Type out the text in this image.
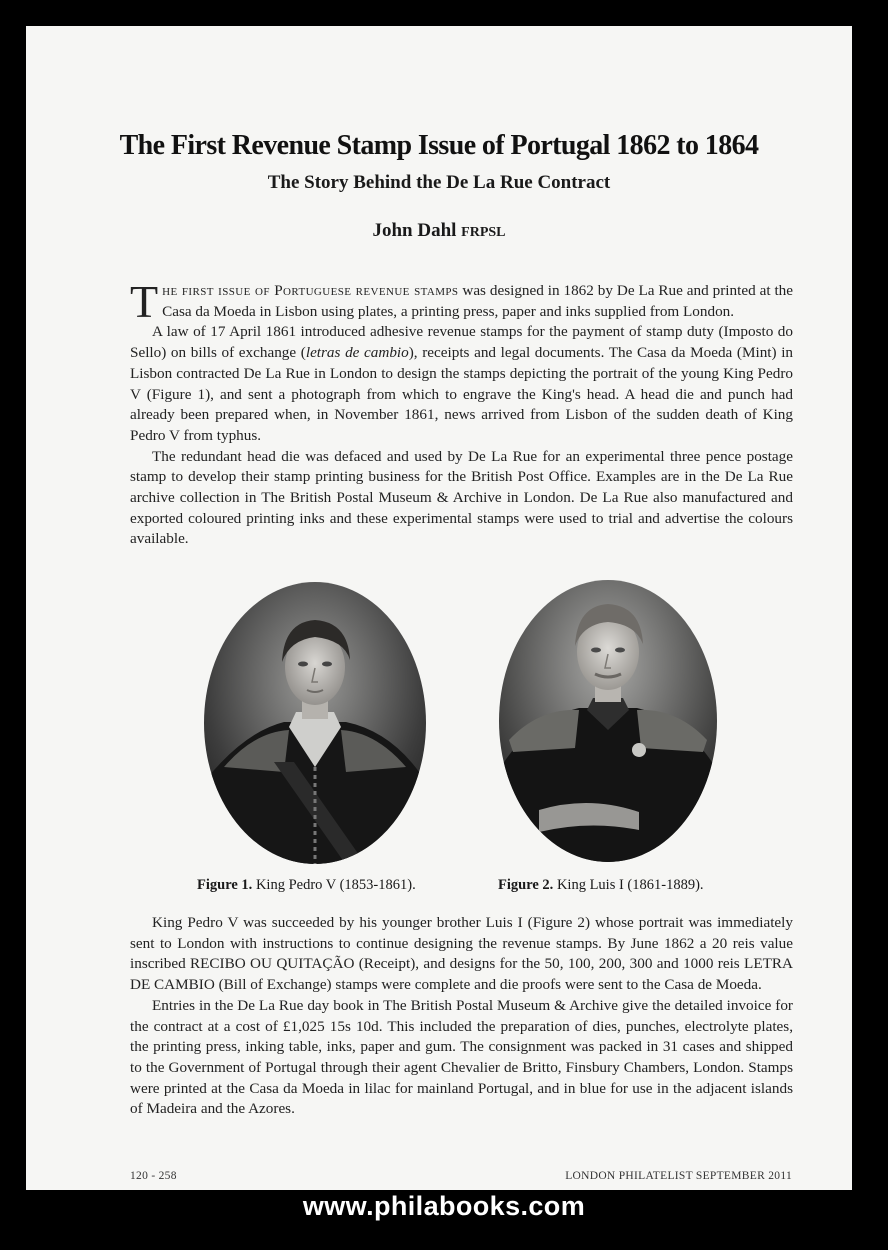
The First Revenue Stamp Issue of Portugal 1862 to 1864
The Story Behind the De La Rue Contract
John Dahl FRPSL

The first issue of Portuguese revenue stamps was designed in 1862 by De La Rue and printed at the Casa da Moeda in Lisbon using plates, a printing press, paper and inks supplied from London.

A law of 17 April 1861 introduced adhesive revenue stamps for the payment of stamp duty (Imposto do Sello) on bills of exchange (letras de cambio), receipts and legal documents. The Casa da Moeda (Mint) in Lisbon contracted De La Rue in London to design the stamps depicting the portrait of the young King Pedro V (Figure 1), and sent a photograph from which to engrave the King's head. A head die and punch had already been prepared when, in November 1861, news arrived from Lisbon of the sudden death of King Pedro V from typhus.

The redundant head die was defaced and used by De La Rue for an experimental three pence postage stamp to develop their stamp printing business for the British Post Office. Examples are in the De La Rue archive collection in The British Postal Museum & Archive in London. De La Rue also manufactured and exported coloured printing inks and these experimental stamps were used to trial and advertise the colours available.

Figure 1. King Pedro V (1853-1861).	Figure 2. King Luis I (1861-1889).

King Pedro V was succeeded by his younger brother Luis I (Figure 2) whose portrait was immediately sent to London with instructions to continue designing the revenue stamps. By June 1862 a 20 reis value inscribed RECIBO OU QUITAÇÃO (Receipt), and designs for the 50, 100, 200, 300 and 1000 reis LETRA DE CAMBIO (Bill of Exchange) stamps were complete and die proofs were sent to the Casa de Moeda.

Entries in the De La Rue day book in The British Postal Museum & Archive give the detailed invoice for the contract at a cost of £1,025 15s 10d. This included the preparation of dies, punches, electrolyte plates, the printing press, inking table, inks, paper and gum. The consignment was packed in 31 cases and shipped to the Government of Portugal through their agent Chevalier de Britto, Finsbury Chambers, London. Stamps were printed at the Casa da Moeda in lilac for mainland Portugal, and in blue for use in the adjacent islands of Madeira and the Azores.

120 - 258	LONDON PHILATELIST SEPTEMBER 2011
www.philabooks.com
